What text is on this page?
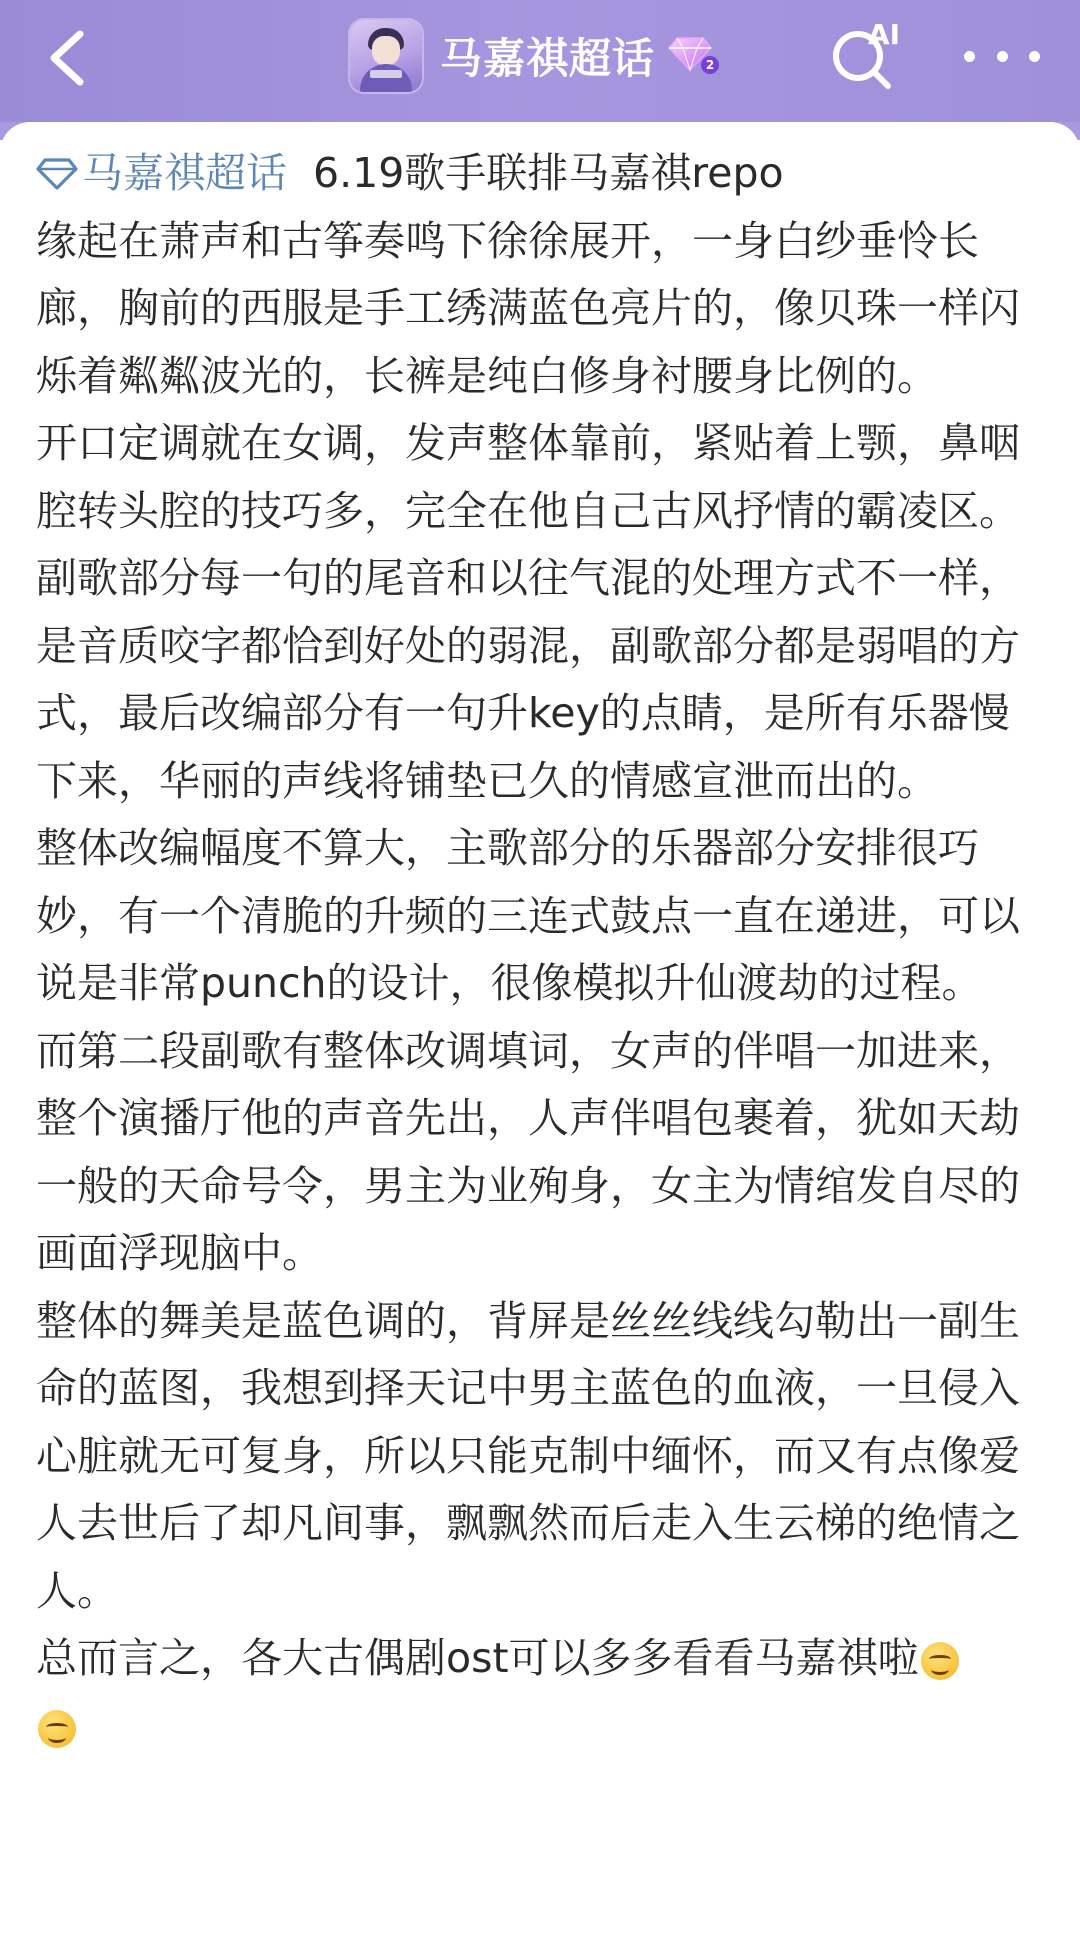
马嘉祺超话	2
AI
马嘉祺超话 6.19歌手联排马嘉祺repo

缘起在萧声和古筝奏鸣下徐徐展开，一身白纱垂怜长廊，胸前的西服是手工绣满蓝色亮片的，像贝珠一样闪烁着粼粼波光的，长裤是纯白修身衬腰身比例的。

开口定调就在女调，发声整体靠前，紧贴着上颚，鼻咽腔转头腔的技巧多，完全在他自己古风抒情的霸凌区。副歌部分每一句的尾音和以往气混的处理方式不一样，是音质咬字都恰到好处的弱混，副歌部分都是弱唱的方式，最后改编部分有一句升key的点睛，是所有乐器慢下来，华丽的声线将铺垫已久的情感宣泄而出的。

整体改编幅度不算大，主歌部分的乐器部分安排很巧妙，有一个清脆的升频的三连式鼓点一直在递进，可以说是非常punch的设计，很像模拟升仙渡劫的过程。

而第二段副歌有整体改调填词，女声的伴唱一加进来，整个演播厅他的声音先出，人声伴唱包裹着，犹如天劫一般的天命号令，男主为业殉身，女主为情绾发自尽的画面浮现脑中。

整体的舞美是蓝色调的，背屏是丝丝线线勾勒出一副生命的蓝图，我想到择天记中男主蓝色的血液，一旦侵入心脏就无可复身，所以只能克制中缅怀，而又有点像爱人去世后了却凡间事，飘飘然而后走入生云梯的绝情之人。

总而言之，各大古偶剧ost可以多多看看马嘉祺啦
